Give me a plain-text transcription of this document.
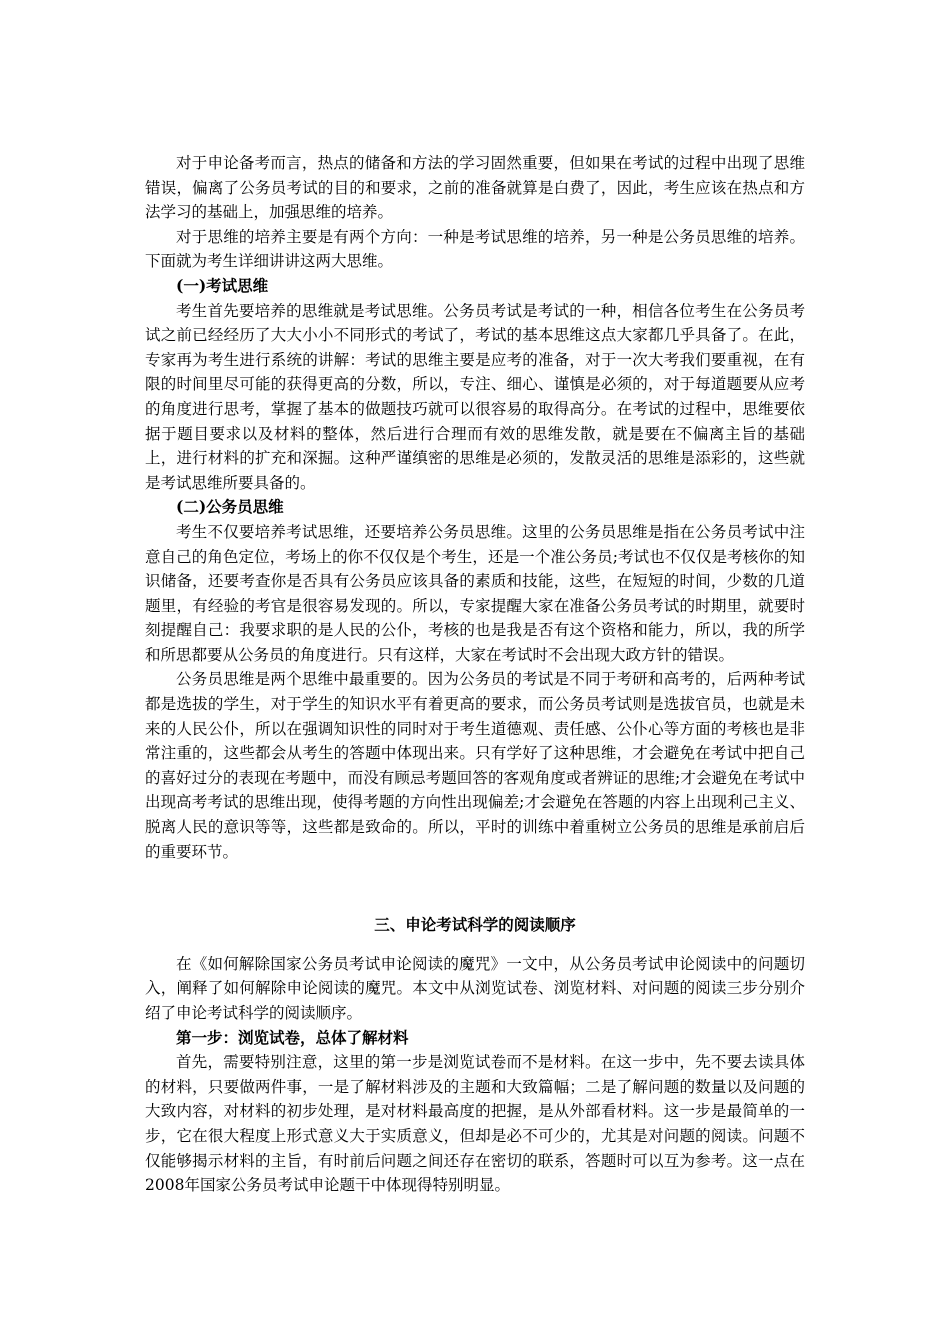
对于申论备考而言，热点的储备和方法的学习固然重要，但如果在考试的过程中出现了思维错误，偏离了公务员考试的目的和要求，之前的准备就算是白费了，因此，考生应该在热点和方法学习的基础上，加强思维的培养。

对于思维的培养主要是有两个方向：一种是考试思维的培养，另一种是公务员思维的培养。下面就为考生详细讲讲这两大思维。

(一)考试思维

考生首先要培养的思维就是考试思维。公务员考试是考试的一种，相信各位考生在公务员考试之前已经经历了大大小小不同形式的考试了，考试的基本思维这点大家都几乎具备了。在此，专家再为考生进行系统的讲解：考试的思维主要是应考的准备，对于一次大考我们要重视，在有限的时间里尽可能的获得更高的分数，所以，专注、细心、谨慎是必须的，对于每道题要从应考的角度进行思考，掌握了基本的做题技巧就可以很容易的取得高分。在考试的过程中，思维要依据于题目要求以及材料的整体，然后进行合理而有效的思维发散，就是要在不偏离主旨的基础上，进行材料的扩充和深掘。这种严谨缜密的思维是必须的，发散灵活的思维是添彩的，这些就是考试思维所要具备的。

(二)公务员思维

考生不仅要培养考试思维，还要培养公务员思维。这里的公务员思维是指在公务员考试中注意自己的角色定位，考场上的你不仅仅是个考生，还是一个准公务员;考试也不仅仅是考核你的知识储备，还要考查你是否具有公务员应该具备的素质和技能，这些，在短短的时间，少数的几道题里，有经验的考官是很容易发现的。所以，专家提醒大家在准备公务员考试的时期里，就要时刻提醒自己：我要求职的是人民的公仆，考核的也是我是否有这个资格和能力，所以，我的所学和所思都要从公务员的角度进行。只有这样，大家在考试时不会出现大政方针的错误。

公务员思维是两个思维中最重要的。因为公务员的考试是不同于考研和高考的，后两种考试都是选拔的学生，对于学生的知识水平有着更高的要求，而公务员考试则是选拔官员，也就是未来的人民公仆，所以在强调知识性的同时对于考生道德观、责任感、公仆心等方面的考核也是非常注重的，这些都会从考生的答题中体现出来。只有学好了这种思维，才会避免在考试中把自己的喜好过分的表现在考题中，而没有顾忌考题回答的客观角度或者辨证的思维;才会避免在考试中出现高考考试的思维出现，使得考题的方向性出现偏差;才会避免在答题的内容上出现利己主义、脱离人民的意识等等，这些都是致命的。所以，平时的训练中着重树立公务员的思维是承前启后的重要环节。

三、申论考试科学的阅读顺序

在《如何解除国家公务员考试申论阅读的魔咒》一文中，从公务员考试申论阅读中的问题切入，阐释了如何解除申论阅读的魔咒。本文中从浏览试卷、浏览材料、对问题的阅读三步分别介绍了申论考试科学的阅读顺序。

第一步：浏览试卷，总体了解材料

首先，需要特别注意，这里的第一步是浏览试卷而不是材料。在这一步中，先不要去读具体的材料，只要做两件事，一是了解材料涉及的主题和大致篇幅；二是了解问题的数量以及问题的大致内容，对材料的初步处理，是对材料最高度的把握，是从外部看材料。这一步是最简单的一步，它在很大程度上形式意义大于实质意义，但却是必不可少的，尤其是对问题的阅读。问题不仅能够揭示材料的主旨，有时前后问题之间还存在密切的联系，答题时可以互为参考。这一点在2008年国家公务员考试申论题干中体现得特别明显。
